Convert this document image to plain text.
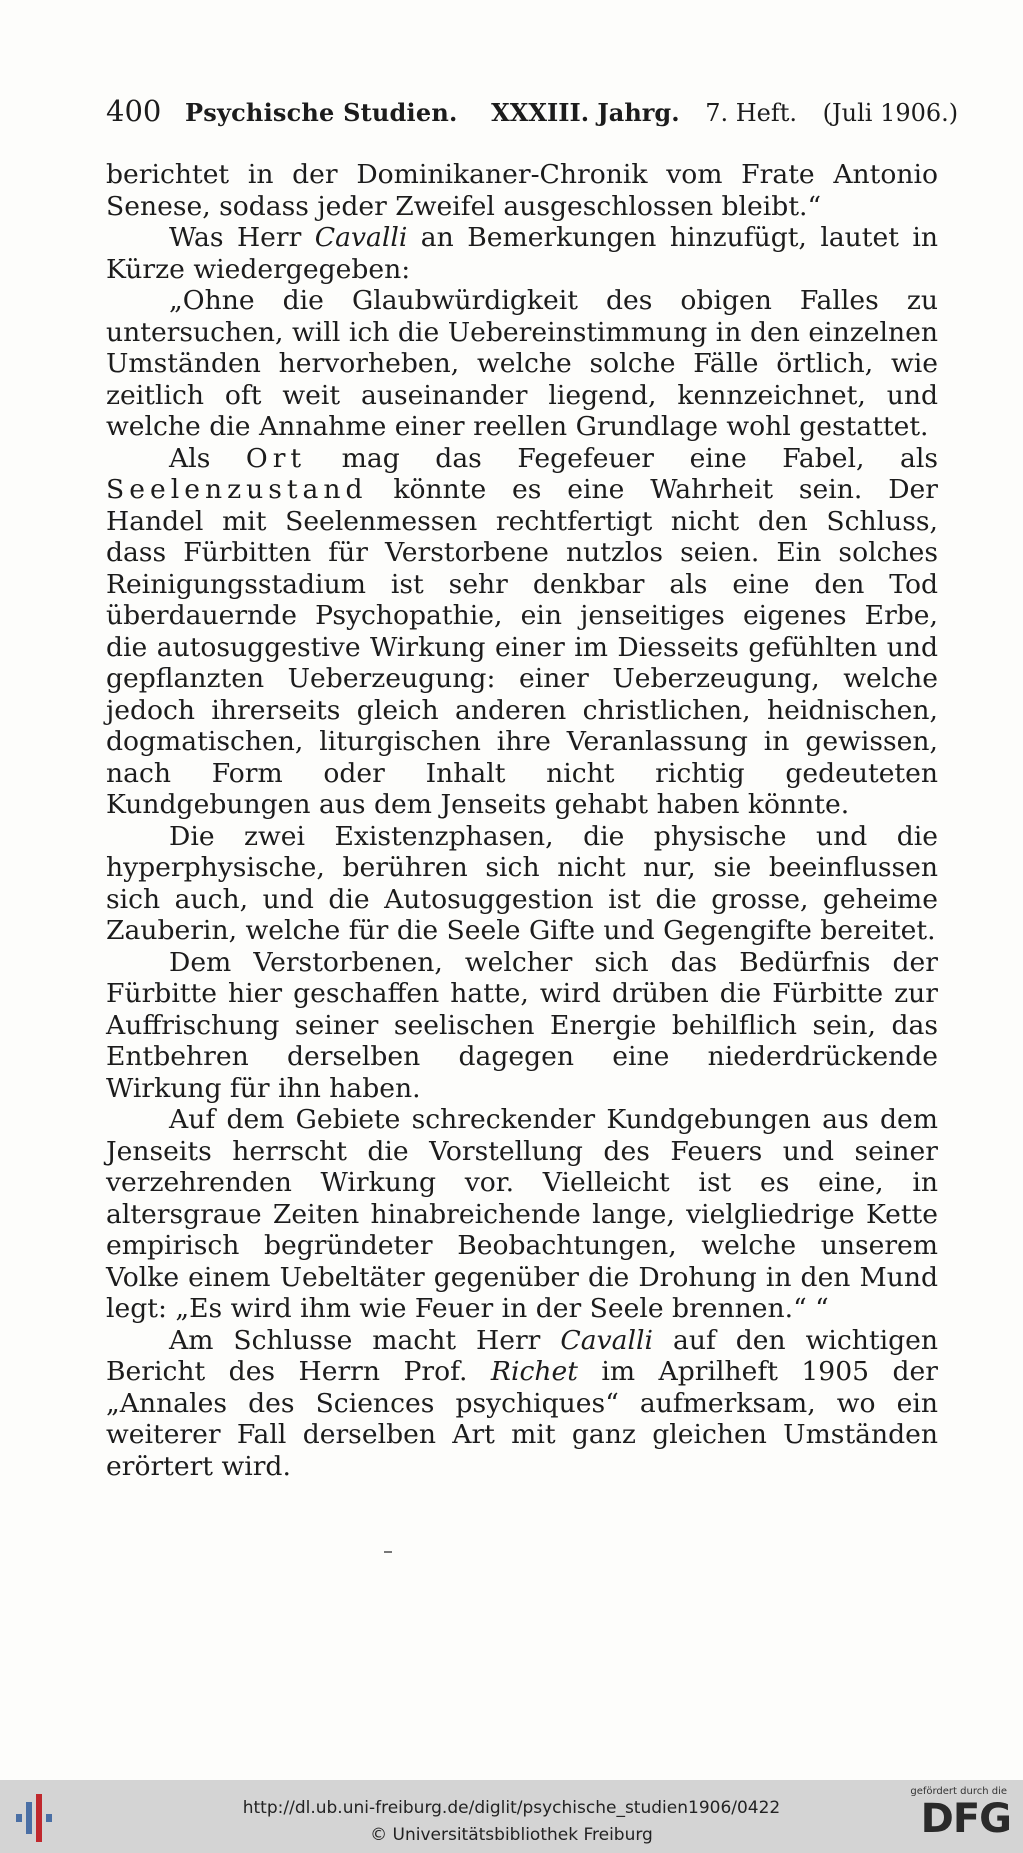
400 Psychische Studien. XXXIII. Jahrg. 7. Heft. (Juli 1906.)

berichtet in der Dominikaner-Chronik vom Frate Antonio Senese, sodass jeder Zweifel ausgeschlossen bleibt.“

Was Herr Cavalli an Bemerkungen hinzufügt, lautet in Kürze wiedergegeben:

„Ohne die Glaubwürdigkeit des obigen Falles zu untersuchen, will ich die Uebereinstimmung in den einzelnen Umständen hervorheben, welche solche Fälle örtlich, wie zeitlich oft weit auseinander liegend, kennzeichnet, und welche die Annahme einer reellen Grundlage wohl gestattet.

Als Ort mag das Fegefeuer eine Fabel, als Seelenzustand könnte es eine Wahrheit sein. Der Handel mit Seelenmessen rechtfertigt nicht den Schluss, dass Fürbitten für Verstorbene nutzlos seien. Ein solches Reinigungsstadium ist sehr denkbar als eine den Tod überdauernde Psychopathie, ein jenseitiges eigenes Erbe, die autosuggestive Wirkung einer im Diesseits gefühlten und gepflanzten Ueberzeugung: einer Ueberzeugung, welche jedoch ihrerseits gleich anderen christlichen, heidnischen, dogmatischen, liturgischen ihre Veranlassung in gewissen, nach Form oder Inhalt nicht richtig gedeuteten Kundgebungen aus dem Jenseits gehabt haben könnte.

Die zwei Existenzphasen, die physische und die hyperphysische, berühren sich nicht nur, sie beeinflussen sich auch, und die Autosuggestion ist die grosse, geheime Zauberin, welche für die Seele Gifte und Gegengifte bereitet.

Dem Verstorbenen, welcher sich das Bedürfnis der Fürbitte hier geschaffen hatte, wird drüben die Fürbitte zur Auffrischung seiner seelischen Energie behilflich sein, das Entbehren derselben dagegen eine niederdrückende Wirkung für ihn haben.

Auf dem Gebiete schreckender Kundgebungen aus dem Jenseits herrscht die Vorstellung des Feuers und seiner verzehrenden Wirkung vor. Vielleicht ist es eine, in altersgraue Zeiten hinabreichende lange, vielgliedrige Kette empirisch begründeter Beobachtungen, welche unserem Volke einem Uebeltäter gegenüber die Drohung in den Mund legt: „Es wird ihm wie Feuer in der Seele brennen.“ “

Am Schlusse macht Herr Cavalli auf den wichtigen Bericht des Herrn Prof. Richet im Aprilheft 1905 der „Annales des Sciences psychiques“ aufmerksam, wo ein weiterer Fall derselben Art mit ganz gleichen Umständen erörtert wird.

http://dl.ub.uni-freiburg.de/diglit/psychische_studien1906/0422
© Universitätsbibliothek Freiburg
gefördert durch die
DFG
